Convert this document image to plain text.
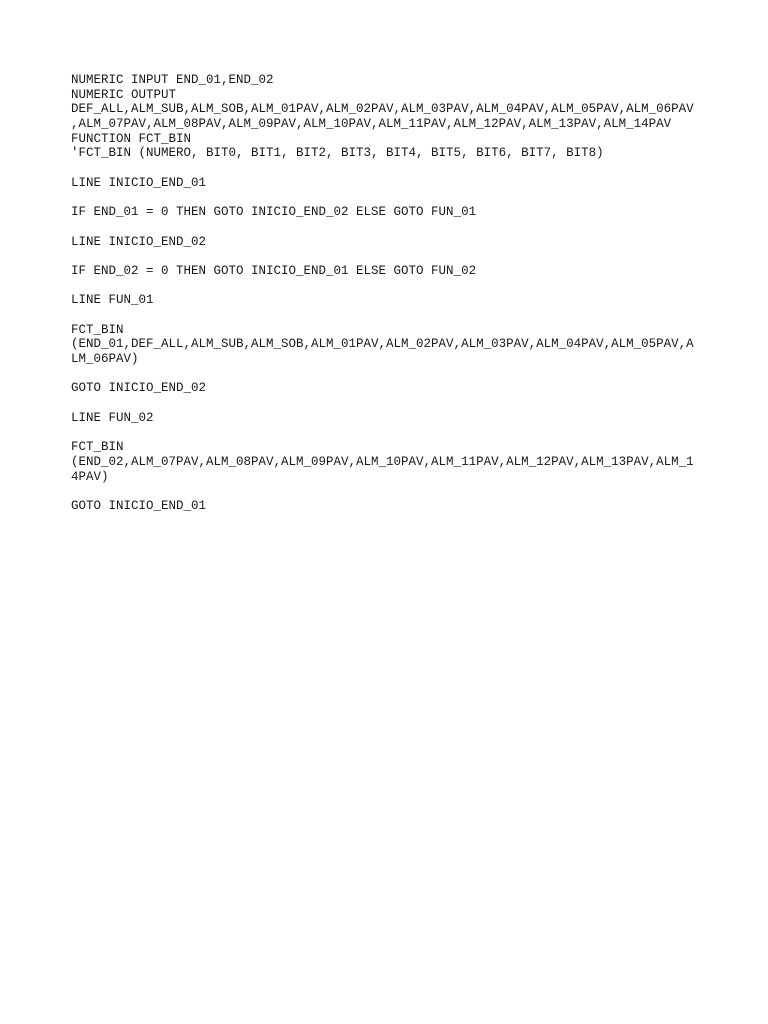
NUMERIC INPUT END_01,END_02
NUMERIC OUTPUT
DEF_ALL,ALM_SUB,ALM_SOB,ALM_01PAV,ALM_02PAV,ALM_03PAV,ALM_04PAV,ALM_05PAV,ALM_06PAV
,ALM_07PAV,ALM_08PAV,ALM_09PAV,ALM_10PAV,ALM_11PAV,ALM_12PAV,ALM_13PAV,ALM_14PAV
FUNCTION FCT_BIN
'FCT_BIN (NUMERO, BIT0, BIT1, BIT2, BIT3, BIT4, BIT5, BIT6, BIT7, BIT8)
LINE INICIO_END_01
IF END_01 = 0 THEN GOTO INICIO_END_02 ELSE GOTO FUN_01
LINE INICIO_END_02
IF END_02 = 0 THEN GOTO INICIO_END_01 ELSE GOTO FUN_02
LINE FUN_01
FCT_BIN
(END_01,DEF_ALL,ALM_SUB,ALM_SOB,ALM_01PAV,ALM_02PAV,ALM_03PAV,ALM_04PAV,ALM_05PAV,A
LM_06PAV)
GOTO INICIO_END_02
LINE FUN_02
FCT_BIN
(END_02,ALM_07PAV,ALM_08PAV,ALM_09PAV,ALM_10PAV,ALM_11PAV,ALM_12PAV,ALM_13PAV,ALM_1
4PAV)
GOTO INICIO_END_01
